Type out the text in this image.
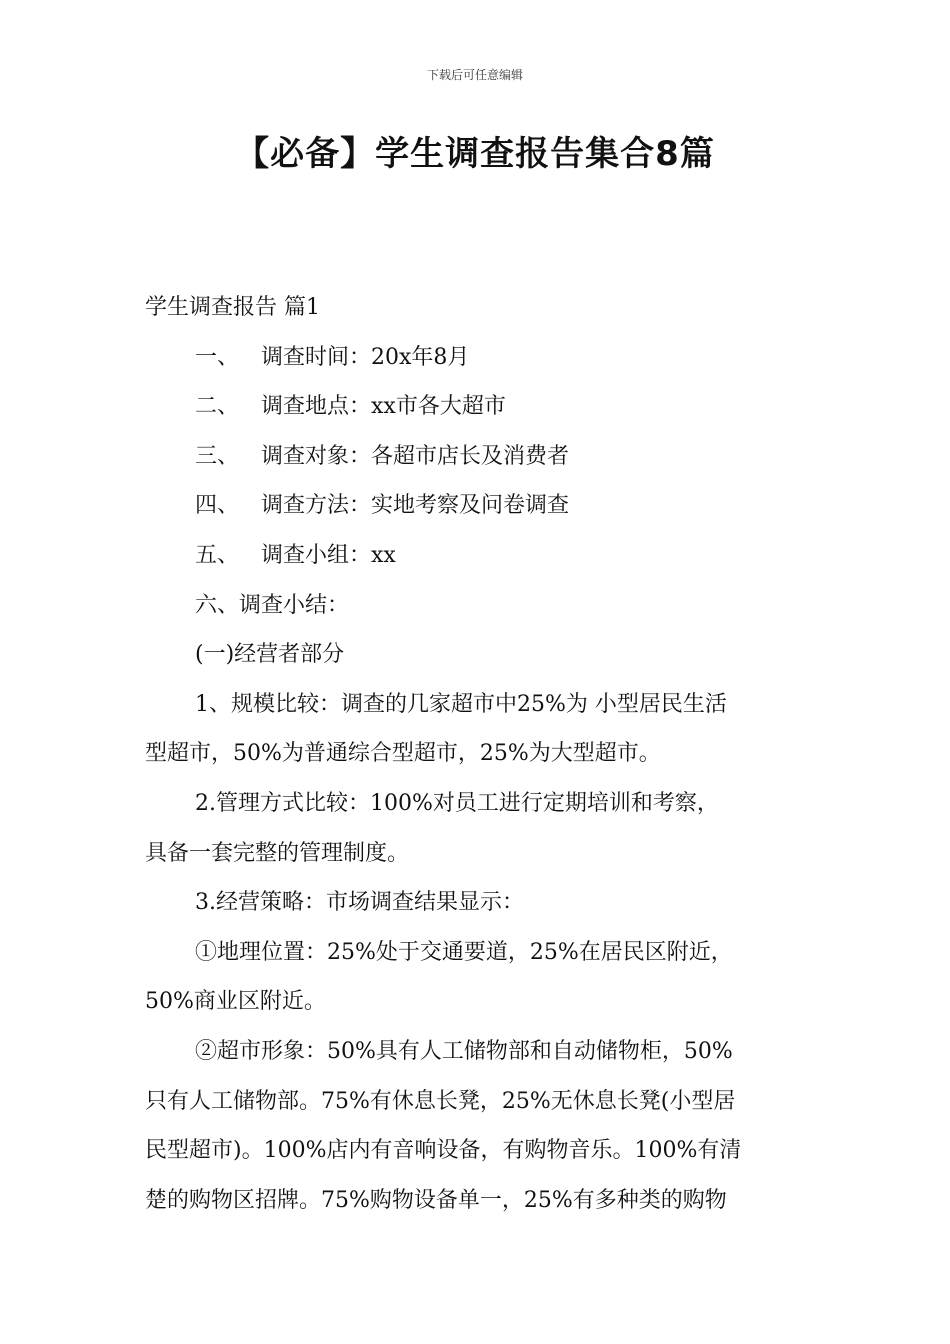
下载后可任意编辑
【必备】学生调查报告集合8篇
学生调查报告 篇1
一、 调查时间：20x年8月
二、 调查地点：xx市各大超市
三、 调查对象：各超市店长及消费者
四、 调查方法：实地考察及问卷调查
五、 调查小组：xx
六、调查小结：
(一)经营者部分
1、规模比较：调查的几家超市中25%为 小型居民生活
型超市，50%为普通综合型超市，25%为大型超市。
2.管理方式比较：100%对员工进行定期培训和考察，
具备一套完整的管理制度。
3.经营策略：市场调查结果显示：
①地理位置：25%处于交通要道，25%在居民区附近，
50%商业区附近。
②超市形象：50%具有人工储物部和自动储物柜，50%
只有人工储物部。75%有休息长凳，25%无休息长凳(小型居
民型超市)。100%店内有音响设备，有购物音乐。100%有清
楚的购物区招牌。75%购物设备单一，25%有多种类的购物
